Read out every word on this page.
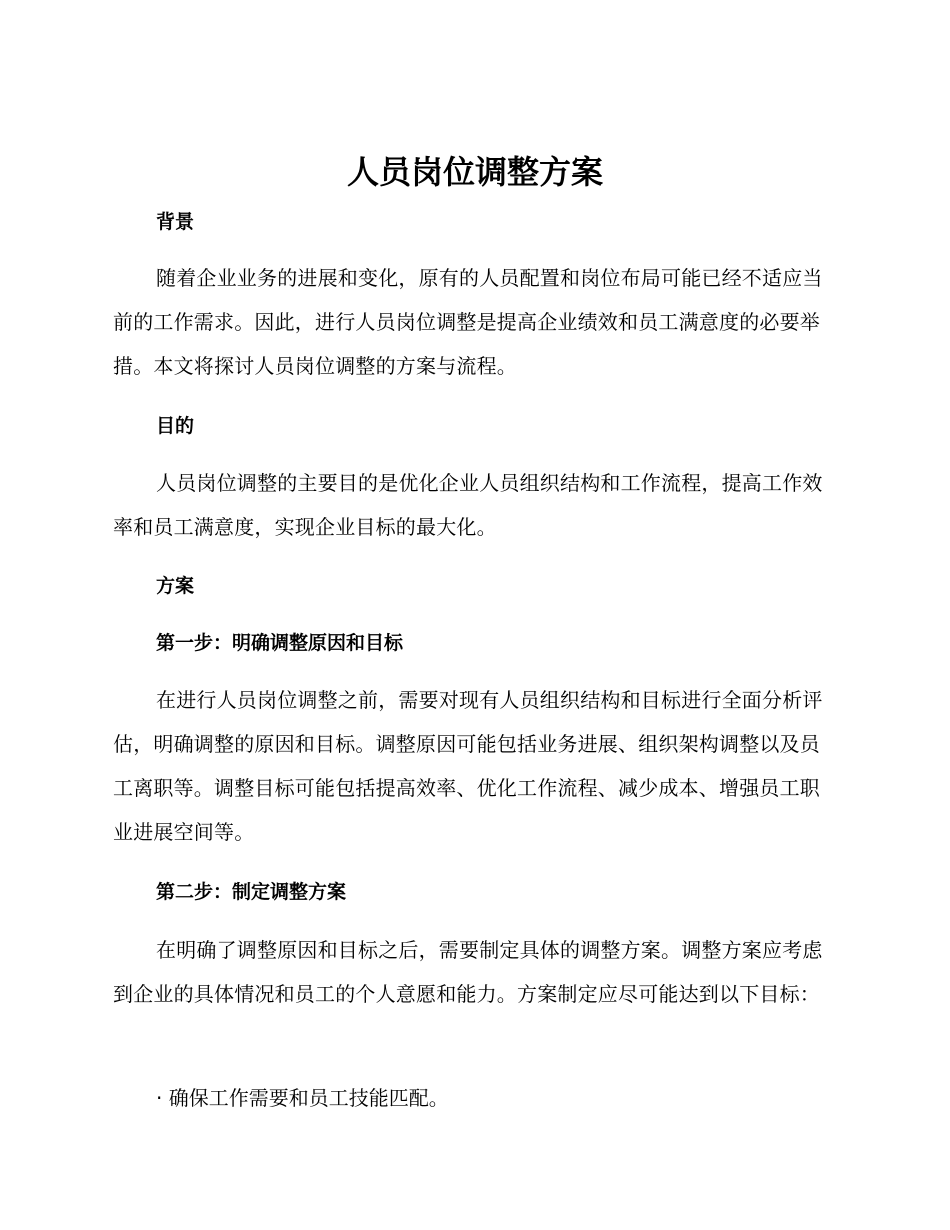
人员岗位调整方案
背景

随着企业业务的进展和变化，原有的人员配置和岗位布局可能已经不适应当前的工作需求。因此，进行人员岗位调整是提高企业绩效和员工满意度的必要举措。本文将探讨人员岗位调整的方案与流程。

目的

人员岗位调整的主要目的是优化企业人员组织结构和工作流程，提高工作效率和员工满意度，实现企业目标的最大化。

方案
第一步：明确调整原因和目标

在进行人员岗位调整之前，需要对现有人员组织结构和目标进行全面分析评估，明确调整的原因和目标。调整原因可能包括业务进展、组织架构调整以及员工离职等。调整目标可能包括提高效率、优化工作流程、减少成本、增强员工职业进展空间等。

第二步：制定调整方案

在明确了调整原因和目标之后，需要制定具体的调整方案。调整方案应考虑到企业的具体情况和员工的个人意愿和能力。方案制定应尽可能达到以下目标：

· 确保工作需要和员工技能匹配。
